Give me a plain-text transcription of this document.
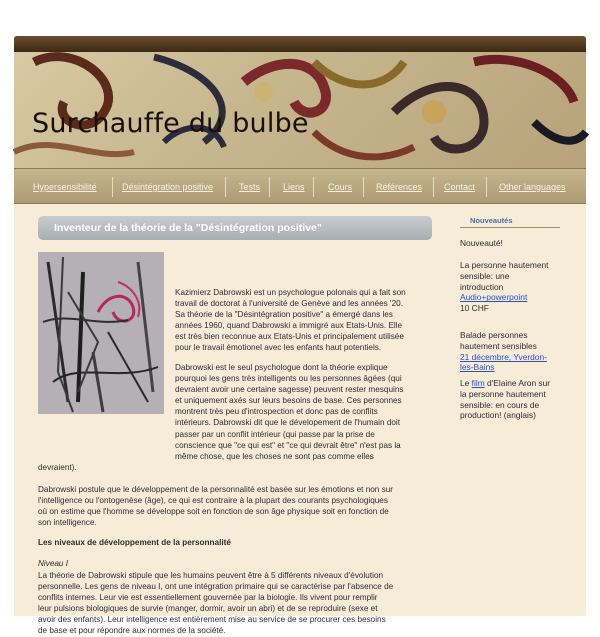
Surchauffe du bulbe
Hypersensibilité	Désintégration positive	Tests	Liens	Cours	Références Contact	Other languages
Inventeur de la théorie de la "Désintégration positive"
Kazimierz Dabrowski est un psychologue polonais qui a fait son
travail de doctorat à l'université de Genève and les années '20.
Sa théorie de la "Désintégration positive" a émergé dans les
années 1960, quand Dabrowski a immigré aux Etats-Unis. Elle
est très bien reconnue aux Etats-Unis et principalement utilisée
pour le travail émotionel avec les enfants haut potentiels.
Dabrowski est le seul psychologue dont la théorie explique
pourquoi les gens très intelligents ou les personnes âgées (qui
devraient avoir une certaine sagesse) peuvent rester mesquins
et uniquement axés sur leurs besoins de base. Ces personnes
montrent très peu d'introspection et donc pas de conflits
intérieurs. Dabrowski dit que le dévelopement de l'humain doit
passer par un conflit intérieur (qui passe par la prise de
conscience que "ce qui est" et "ce qui devrait être" n'est pas la
même chose, que les choses ne sont pas comme elles
devraient).
Dabrowski postule que le développement de la personnalité est basée sur les émotions et non sur
l'intelligence ou l'ontogenèse (âge), ce qui est contraire à la plupart des courants psychologiques
où on estime que l'homme se développe soit en fonction de son âge physique soit en fonction de
son intelligence.
Les niveaux de développement de la personnalité
Niveau I
La théorie de Dabrowski stipule que les humains peuvent être à 5 différents niveaux d'évolution
personnelle. Les gens de niveau I, ont une intégration primaire qui se caractérise par l'absence de
conflits internes. Leur vie est essentiellement gouvernée par la biologie. Ils vivent pour remplir
leur pulsions biologiques de survie (manger, dormir, avoir un abri) et de se reproduire (sexe et
avoir des enfants). Leur intelligence est entièrement mise au service de se procurer ces besoins
de base et pour répondre aux normes de la société.
Nouveautés
Nouveauté!
La personne hautement
sensible: une
introduction
Audio+powerpoint
10 CHF
Balade personnes
hautement sensibles
21 décembre, Yverdon-
les-Bains
Le film d'Elaine Aron sur
la personne hautement
sensible: en cours de
production! (anglais)
